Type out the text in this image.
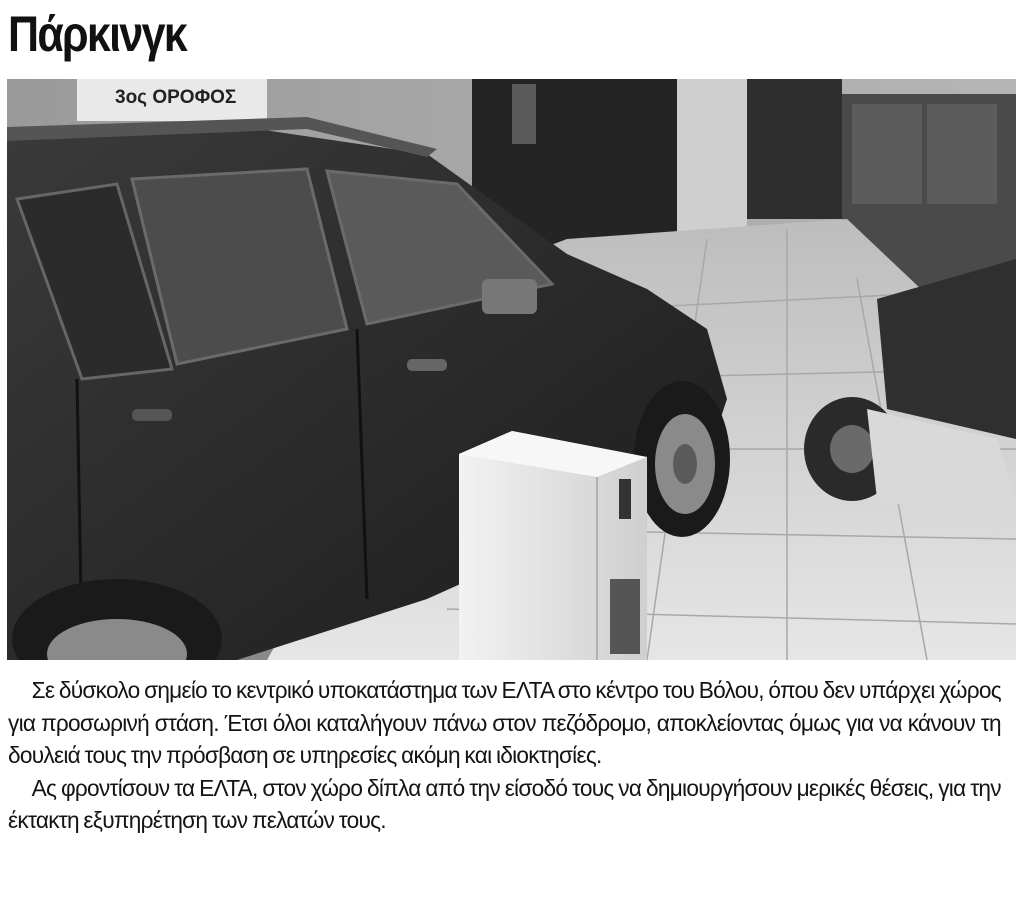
Πάρκινγκ
3ος ΟΡΟΦΟΣ

Σε δύσκολο σημείο το κεντρικό υποκατάστημα των ΕΛΤΑ στο κέντρο του Βόλου, όπου δεν υπάρχει χώρος για προσωρινή στάση. Έτσι όλοι καταλήγουν πάνω στον πεζόδρομο, αποκλείοντας όμως για να κάνουν τη δουλειά τους την πρόσβαση σε υπηρεσίες ακόμη και ιδιοκτησίες.

Ας φροντίσουν τα ΕΛΤΑ, στον χώρο δίπλα από την είσοδό τους να δημιουργήσουν μερικές θέσεις, για την έκτακτη εξυπηρέτηση των πελατών τους.
